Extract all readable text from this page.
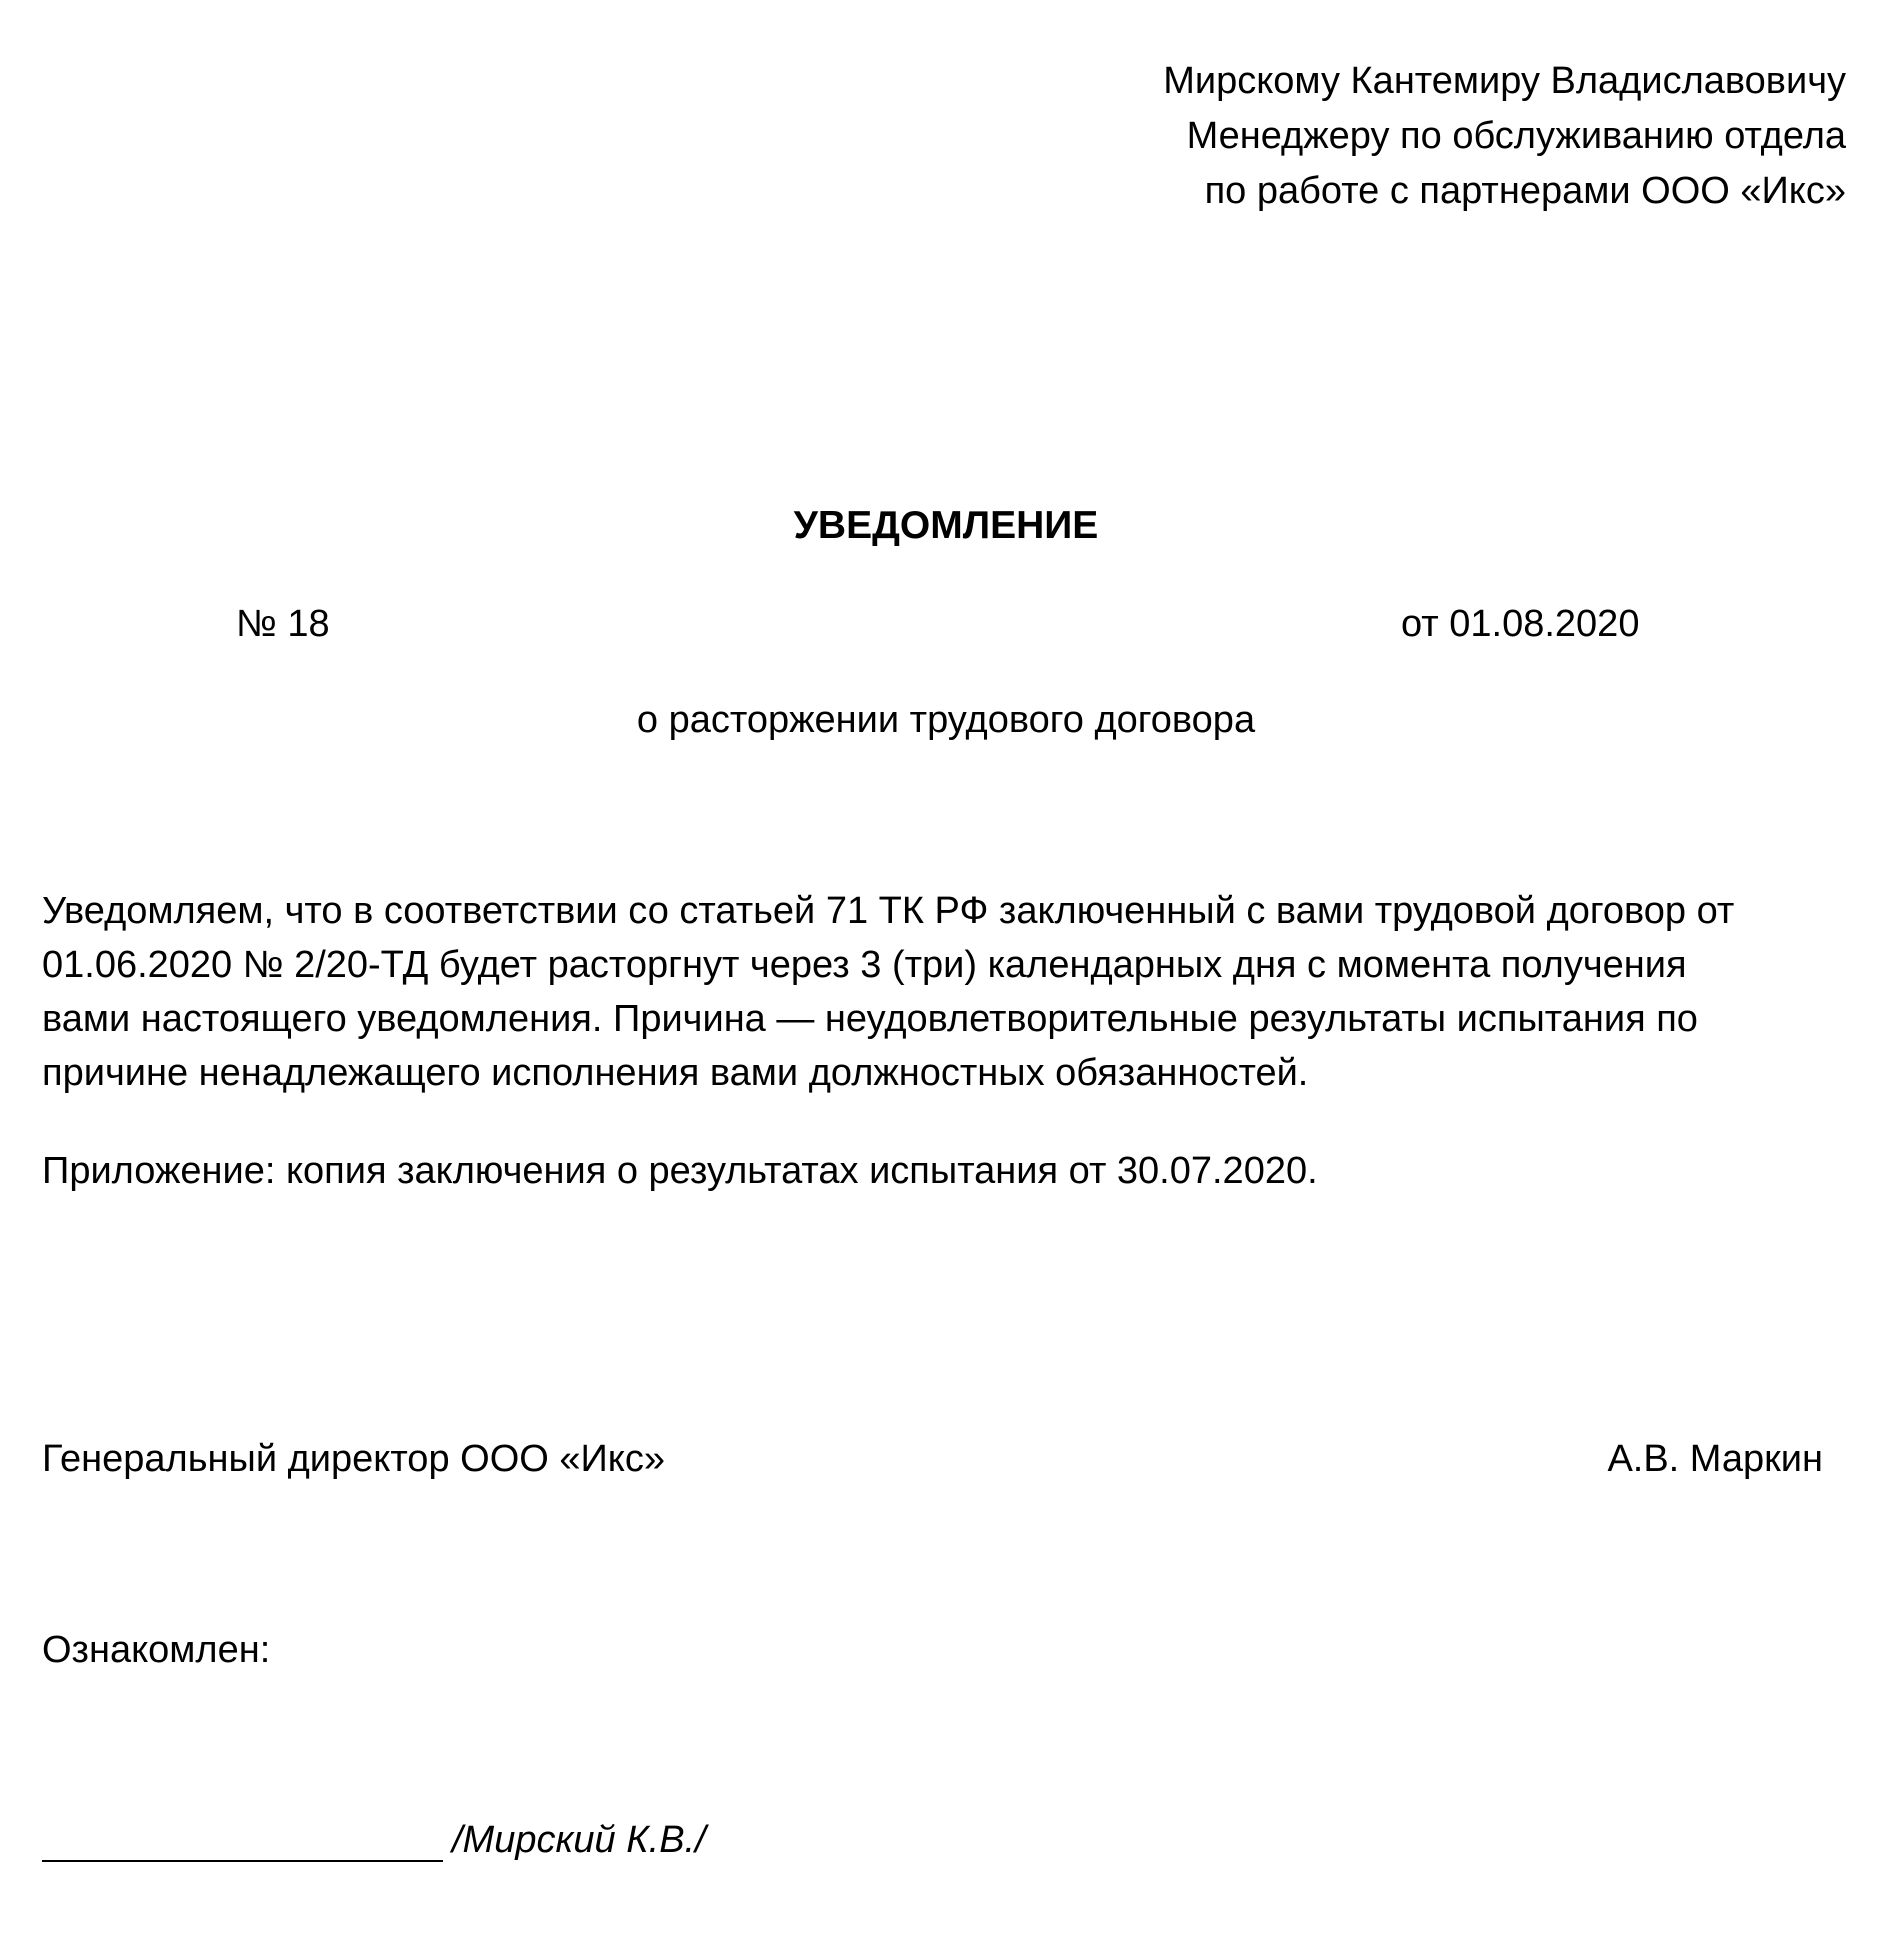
Мирскому Кантемиру Владиславовичу
Менеджеру по обслуживанию отдела
по работе с партнерами ООО «Икс»
УВЕДОМЛЕНИЕ
№ 18	от 01.08.2020
о расторжении трудового договора
Уведомляем, что в соответствии со статьей 71 ТК РФ заключенный с вами трудовой договор от
01.06.2020 № 2/20-ТД будет расторгнут через 3 (три) календарных дня с момента получения
вами настоящего уведомления. Причина — неудовлетворительные результаты испытания по
причине ненадлежащего исполнения вами должностных обязанностей.
Приложение: копия заключения о результатах испытания от 30.07.2020.
Генеральный директор ООО «Икс»	А.В. Маркин
Ознакомлен:
/Мирский К.В./
